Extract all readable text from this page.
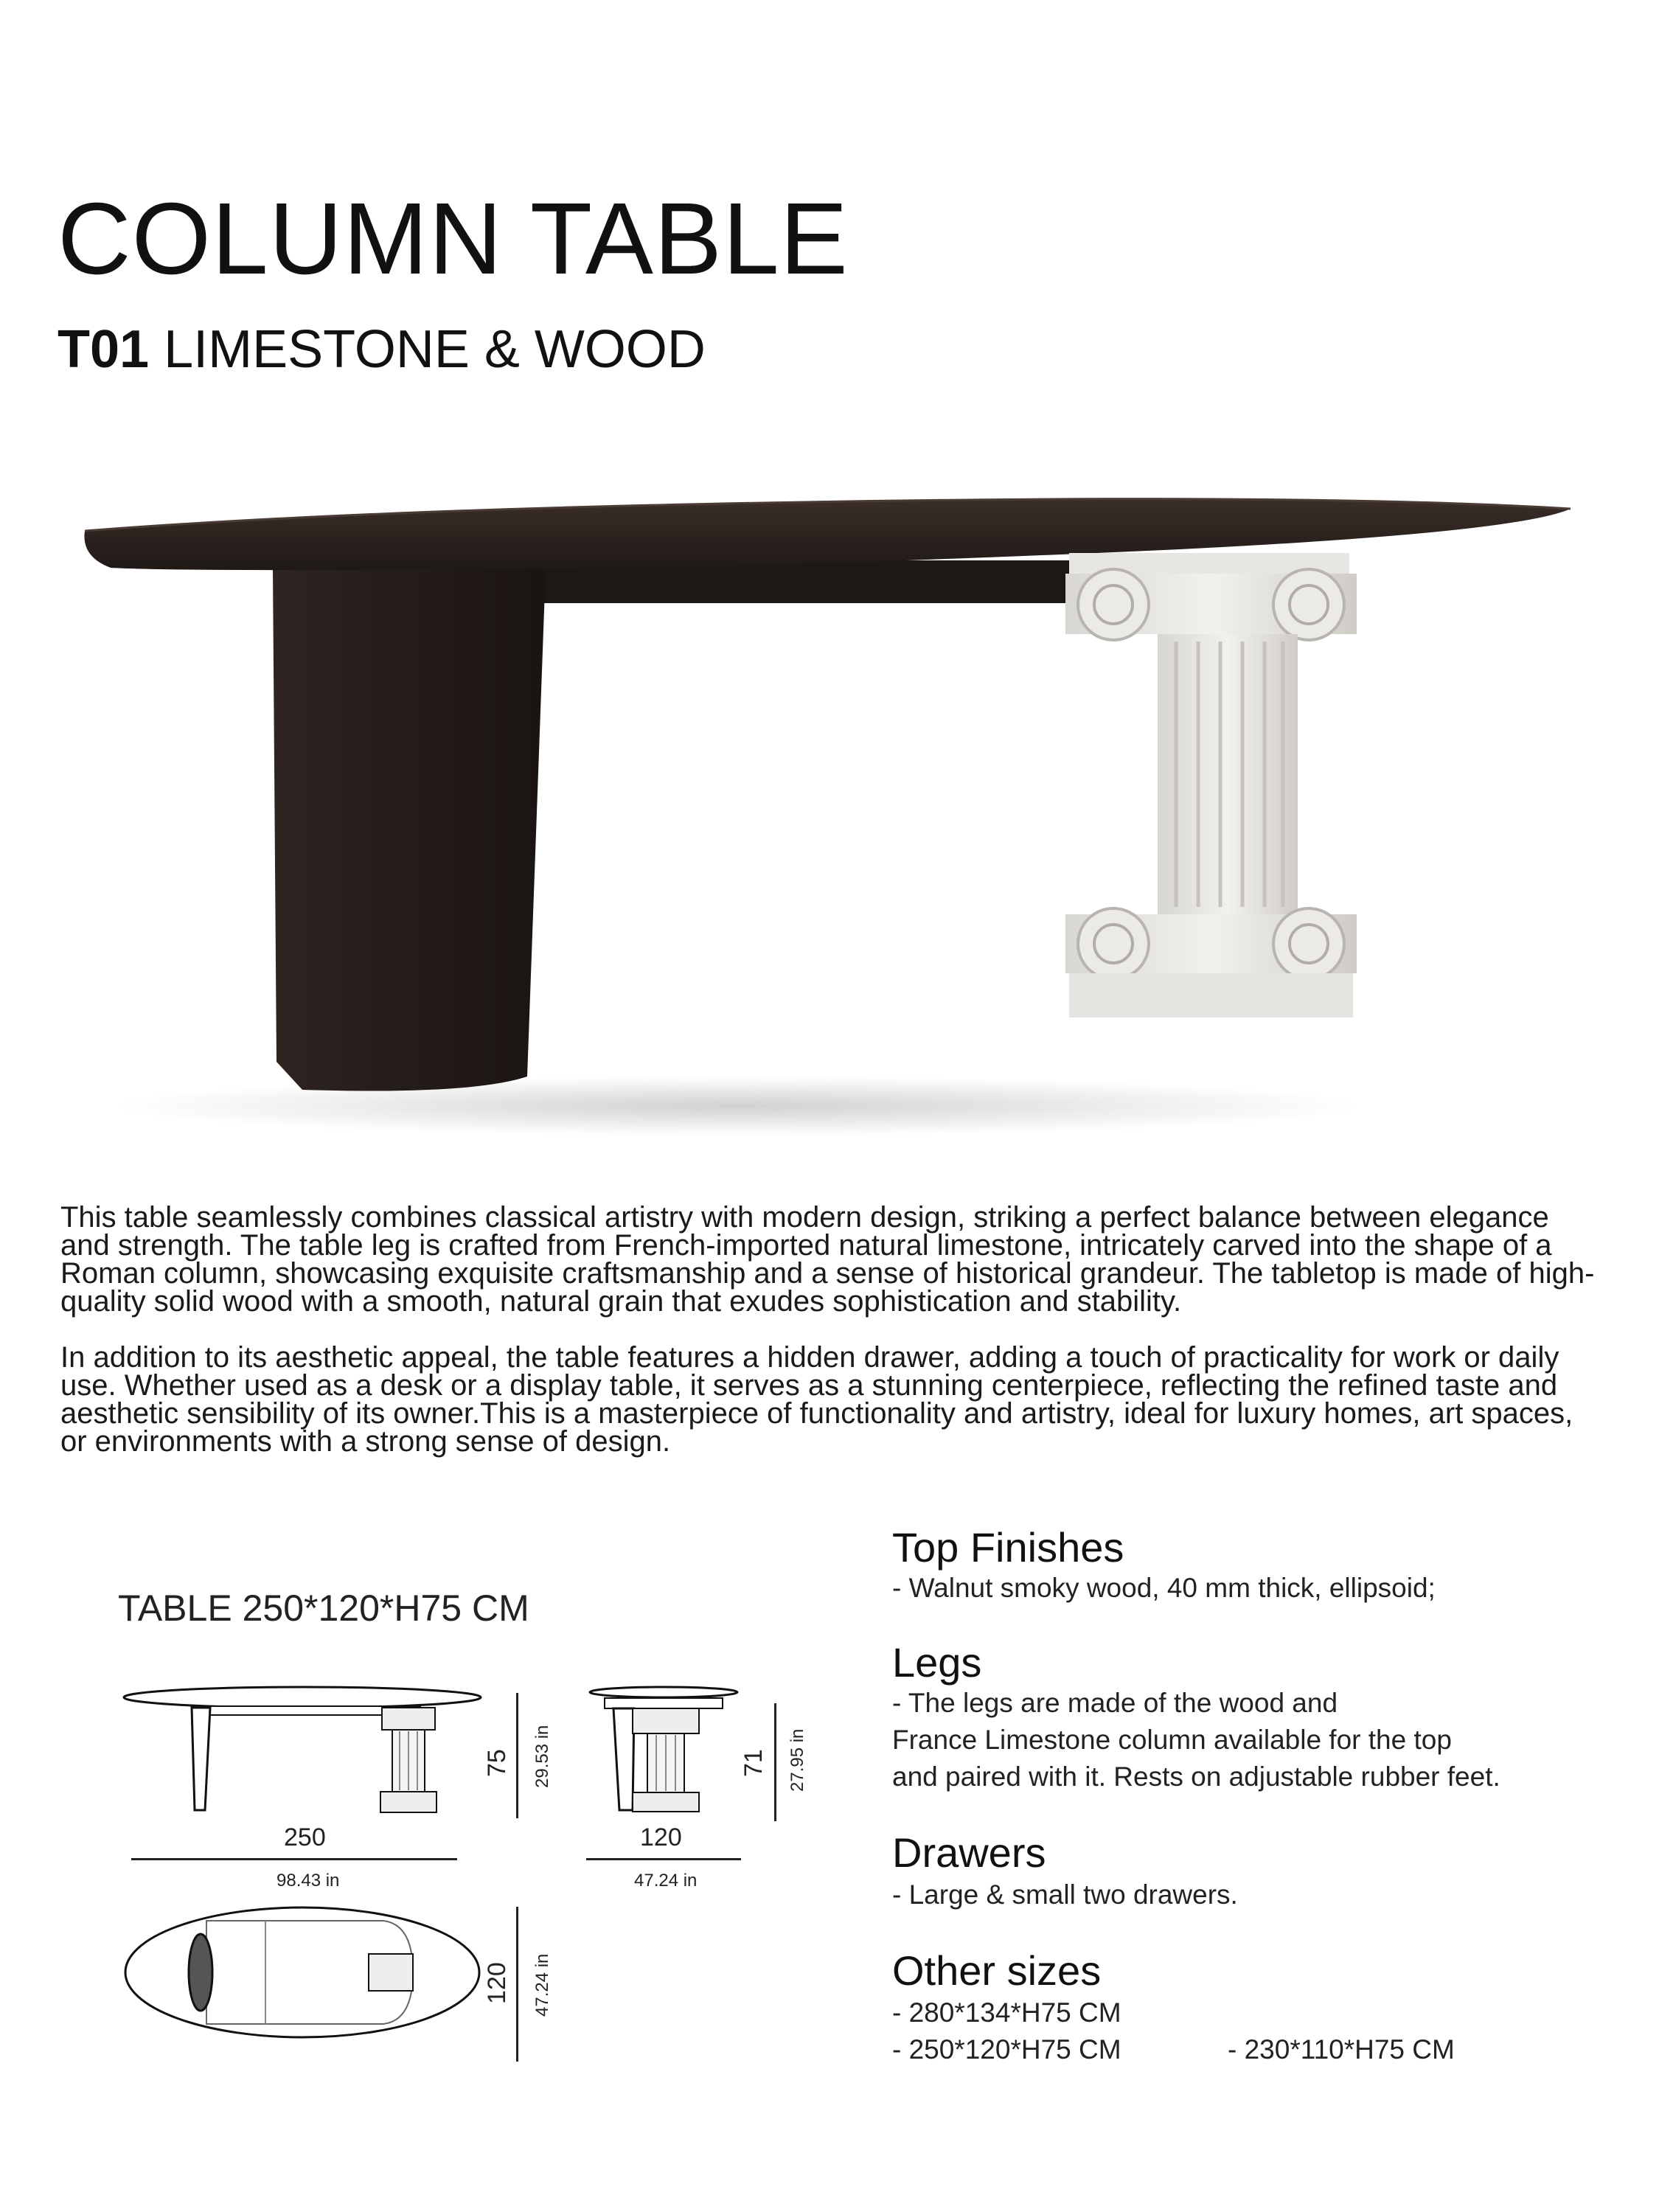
COLUMN TABLE
T01 LIMESTONE & WOOD
This table seamlessly combines classical artistry with modern design, striking a perfect balance between elegance and strength. The table leg is crafted from French-imported natural limestone, intricately carved into the shape of a Roman column, showcasing exquisite craftsmanship and a sense of historical grandeur. The tabletop is made of high-quality solid wood with a smooth, natural grain that exudes sophistication and stability.
In addition to its aesthetic appeal, the table features a hidden drawer, adding a touch of practicality for work or daily use. Whether used as a desk or a display table, it serves as a stunning centerpiece, reflecting the refined taste and aesthetic sensibility of its owner.This is a masterpiece of functionality and artistry, ideal for luxury homes, art spaces, or environments with a strong sense of design.
TABLE 250*120*H75 CM
75 29.53 in
250
98.43 in
71 27.95 in
120
47.24 in
120 47.24 in
Top Finishes
- Walnut smoky wood, 40 mm thick, ellipsoid;
Legs
- The legs are made of the wood and
France Limestone column available for the top
and paired with it. Rests on adjustable rubber feet.
Drawers
- Large & small two drawers.
Other sizes
- 280*134*H75 CM
- 250*120*H75 CM	- 230*110*H75 CM
